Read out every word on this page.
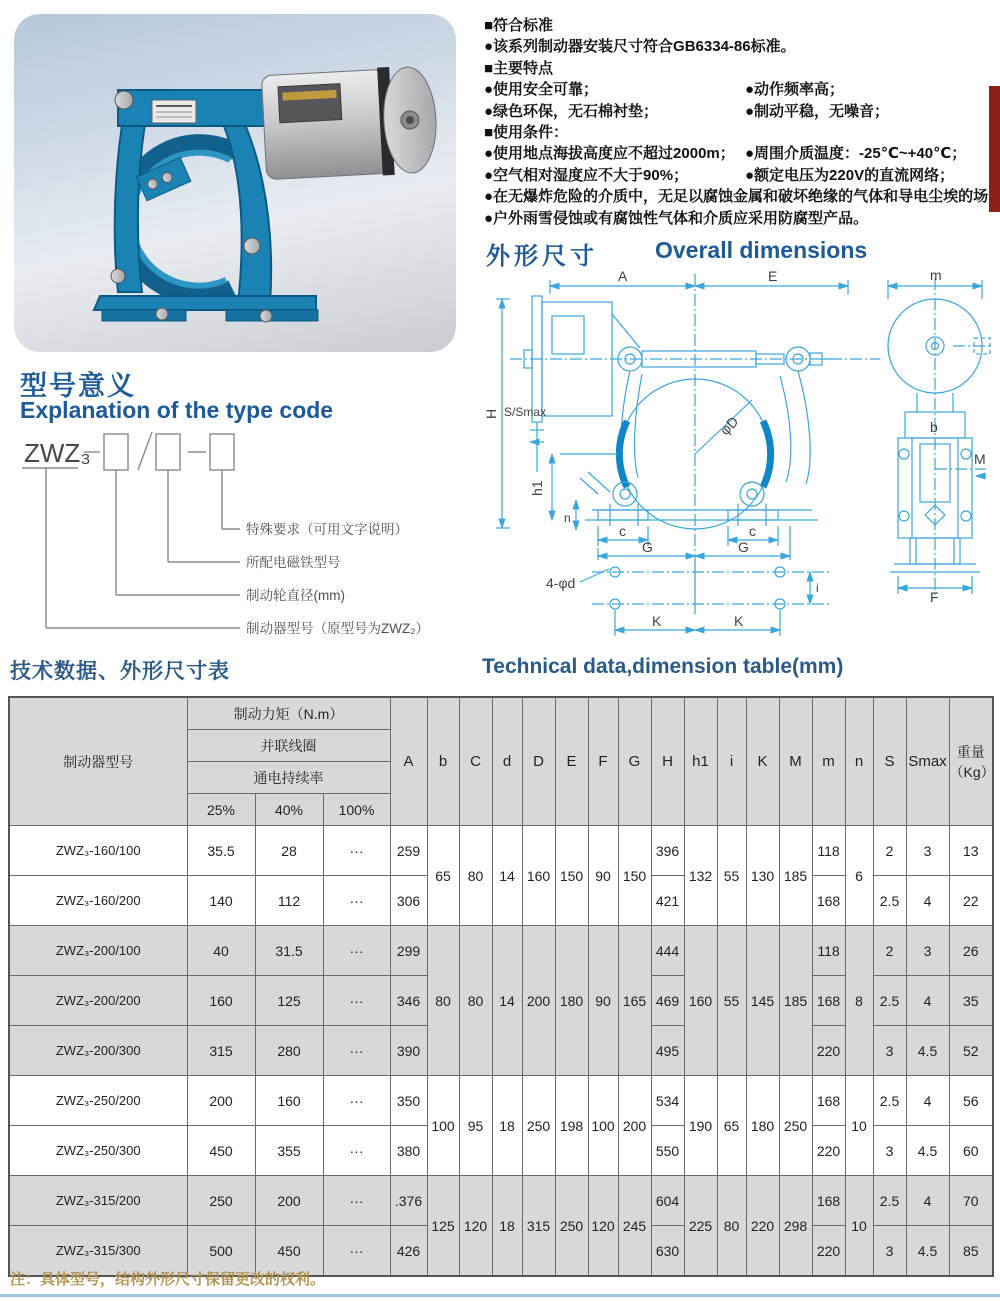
■符合标准
●该系列制动器安装尺寸符合GB6334-86标准。
■主要特点
●使用安全可靠；	●动作频率高；
●绿色环保，无石棉衬垫；	●制动平稳，无噪音；
■使用条件：
●使用地点海拔高度应不超过2000m； ●周围介质温度：-25℃~+40℃；
●空气相对湿度应不大于90%；	●额定电压为220V的直流网络；
●在无爆炸危险的介质中，无足以腐蚀金属和破坏绝缘的气体和导电尘埃的场
●户外雨雪侵蚀或有腐蚀性气体和介质应采用防腐型产品。
型号意义
Explanation of the type code
ZWZ₃
特殊要求（可用文字说明）
所配电磁铁型号
制动轮直径(mm)
制动器型号（原型号为ZWZ₂）
外形尺寸 Overall dimensions
A	E	m
H S/Smax
φD
h1
n
c	c
G	G
4-φd	i
K	K
b
M
F
技术数据、外形尺寸表	Technical data,dimension table(mm)
制动器型号	制动力矩（N.m）			A	b	C	d	D	E	F	G	H	h1	i	K	M	m	n	S	Smax	重量（Kg）
	并联线圈																				
	通电持续率																				
	25%	40%	100%																		
ZWZ₃-160/100	35.5	28	···	259	65	80	14	160	150	90	150	396	132	55	130	185	118	6	2	3	13
ZWZ₃-160/200	140	112	···	306								421					168		2.5	4	22
ZWZ₃-200/100	40	31.5	···	299	80	80	14	200	180	90	165	444	160	55	145	185	118	8	2	3	26
ZWZ₃-200/200	160	125	···	346								469					168		2.5	4	35
ZWZ₃-200/300	315	280	···	390								495					220		3	4.5	52
ZWZ₃-250/200	200	160	···	350	100	95	18	250	198	100	200	534	190	65	180	250	168	10	2.5	4	56
ZWZ₃-250/300	450	355	···	380								550					220		3	4.5	60
ZWZ₃-315/200	250	200	···	.376	125	120	18	315	250	120	245	604	225	80	220	298	168	10	2.5	4	70
ZWZ₃-315/300	500	450	···	426								630					220		3	4.5	85
注：具体型号，结构外形尺寸保留更改的权利。
